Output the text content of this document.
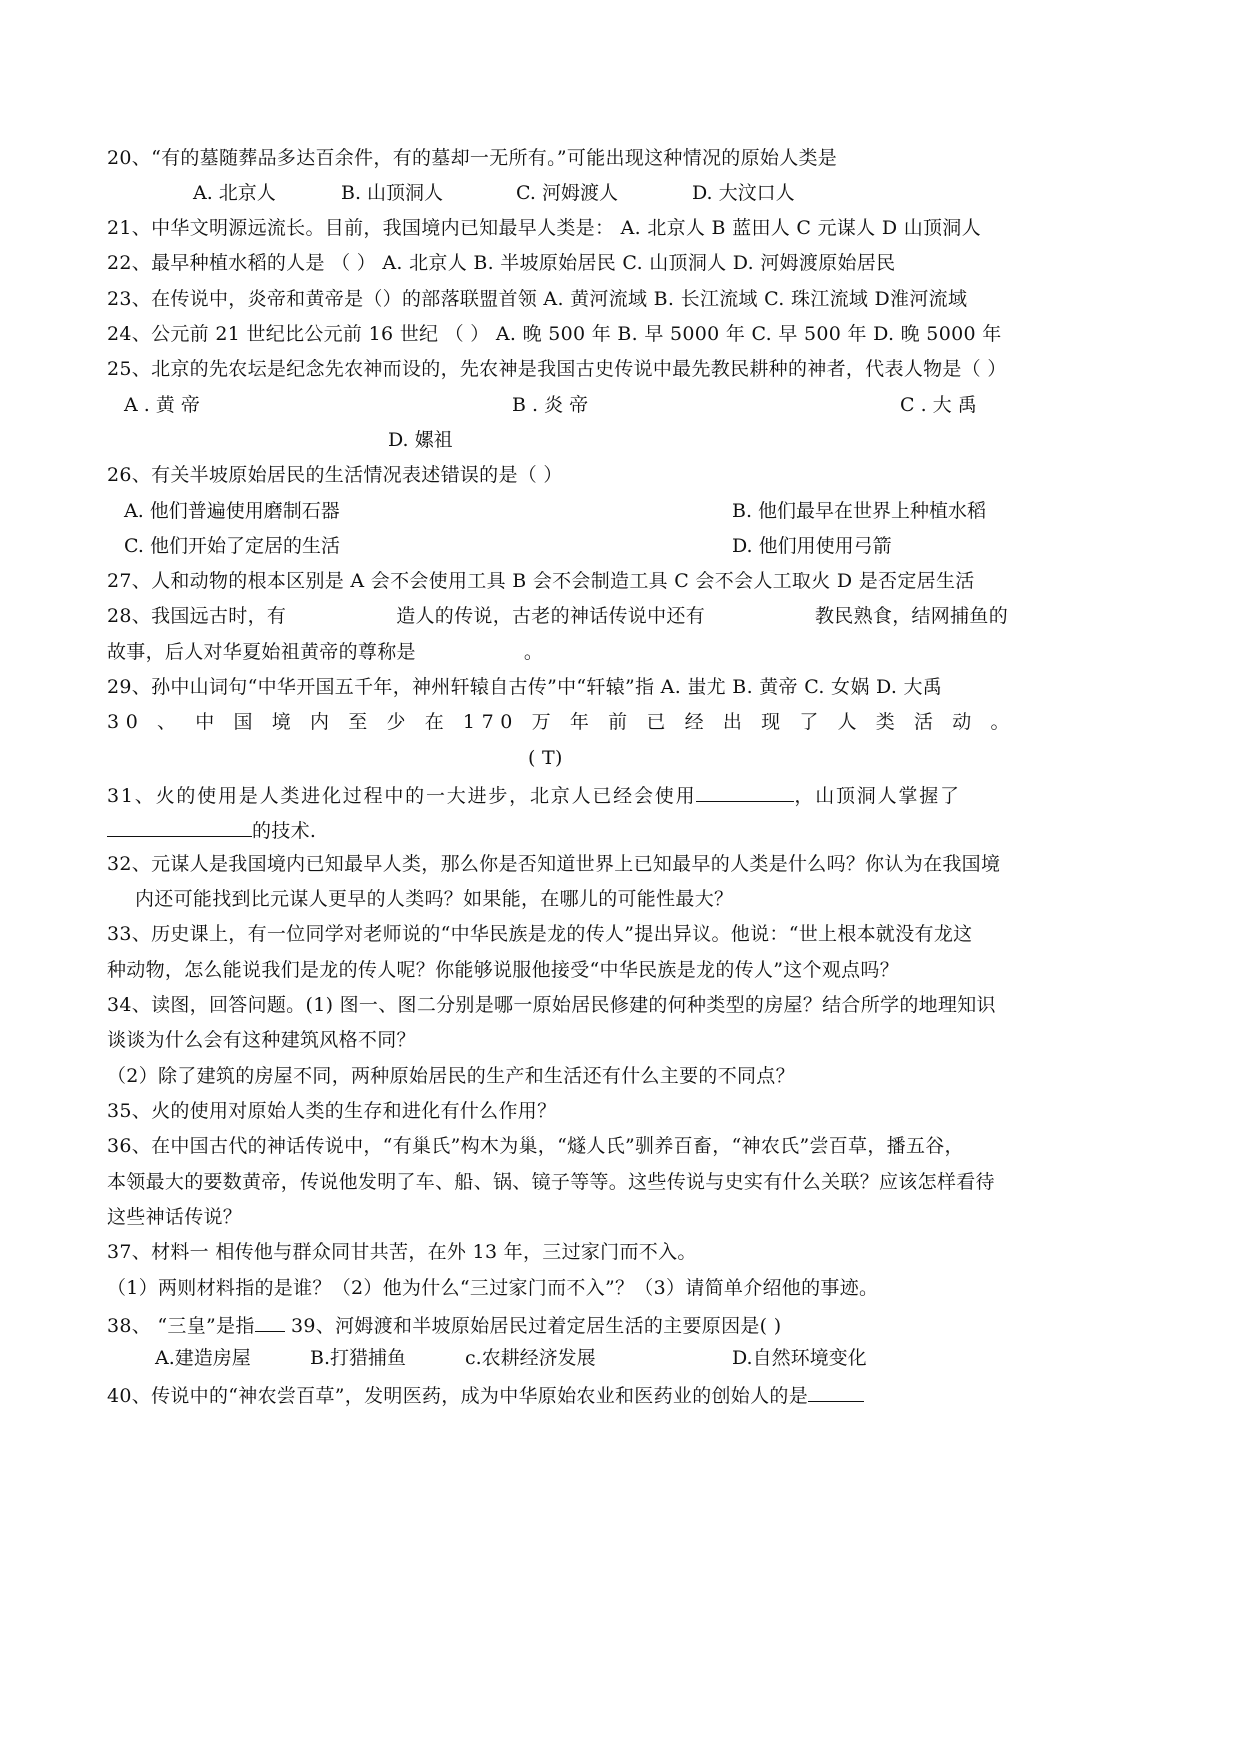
20、“有的墓随葬品多达百余件，有的墓却一无所有。”可能出现这种情况的原始人类是
A. 北京人	B. 山顶洞人	C. 河姆渡人	D. 大汶口人
21、中华文明源远流长。目前，我国境内已知最早人类是： A. 北京人 B 蓝田人 C 元谋人 D 山顶洞人
22、最早种植水稻的人是 （ ） A. 北京人 B. 半坡原始居民 C. 山顶洞人 D. 河姆渡原始居民
23、在传说中，炎帝和黄帝是（）的部落联盟首领 A. 黄河流域 B. 长江流域 C. 珠江流域 D淮河流域
24、公元前 21 世纪比公元前 16 世纪 （ ） A. 晚 500 年 B. 早 5000 年 C. 早 500 年 D. 晚 5000 年
25、北京的先农坛是纪念先农神而设的，先农神是我国古史传说中最先教民耕种的神者，代表人物是（ ）
A . 黄 帝	B . 炎 帝	C . 大 禹
D. 嫘祖
26、有关半坡原始居民的生活情况表述错误的是（ ）
A. 他们普遍使用磨制石器	B. 他们最早在世界上种植水稻
C. 他们开始了定居的生活	D. 他们用使用弓箭
27、人和动物的根本区别是 A 会不会使用工具 B 会不会制造工具 C 会不会人工取火 D 是否定居生活
28、我国远古时，有	造人的传说，古老的神话传说中还有	教民熟食，结网捕鱼的
故事，后人对华夏始祖黄帝的尊称是	。
29、孙中山词句“中华开国五千年，神州轩辕自古传”中“轩辕”指 A. 蚩尤 B. 黄帝 C. 女娲 D. 大禹
30 、 中 国 境 内 至 少 在 170 万 年 前 已 经 出 现 了 人 类 活 动 。
( T)
31、火的使用是人类进化过程中的一大进步，北京人已经会使用	，山顶洞人掌握了
的技术.
32、元谋人是我国境内已知最早人类，那么你是否知道世界上已知最早的人类是什么吗？你认为在我国境
内还可能找到比元谋人更早的人类吗？如果能，在哪儿的可能性最大？
33、历史课上，有一位同学对老师说的“中华民族是龙的传人”提出异议。他说：“世上根本就没有龙这
种动物，怎么能说我们是龙的传人呢？你能够说服他接受“中华民族是龙的传人”这个观点吗？
34、读图，回答问题。(1) 图一、图二分别是哪一原始居民修建的何种类型的房屋？结合所学的地理知识
谈谈为什么会有这种建筑风格不同？
（2）除了建筑的房屋不同，两种原始居民的生产和生活还有什么主要的不同点？
35、火的使用对原始人类的生存和进化有什么作用？
36、在中国古代的神话传说中，“有巢氏”构木为巢，“燧人氏”驯养百畜，“神农氏”尝百草，播五谷，
本领最大的要数黄帝，传说他发明了车、船、锅、镜子等等。这些传说与史实有什么关联？应该怎样看待
这些神话传说？
37、材料一 相传他与群众同甘共苦，在外 13 年，三过家门而不入。
（1）两则材料指的是谁？（2）他为什么“三过家门而不入”？（3）请简单介绍他的事迹。
38、 “三皇”是指 39、河姆渡和半坡原始居民过着定居生活的主要原因是( )
A.建造房屋	B.打猎捕鱼	c.农耕经济发展	D.自然环境变化
40、传说中的“神农尝百草”，发明医药，成为中华原始农业和医药业的创始人的是
